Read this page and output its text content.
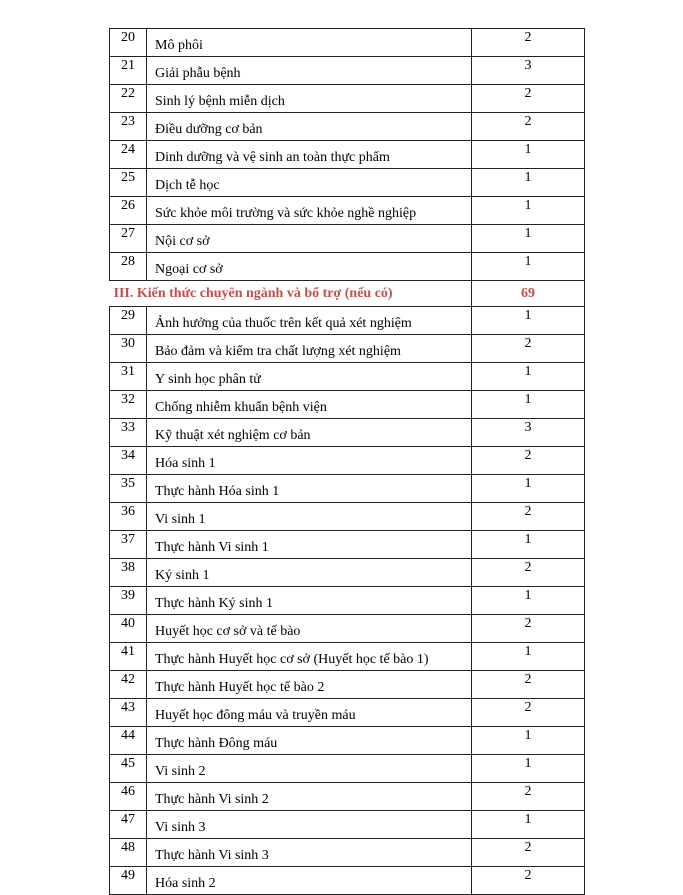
20	Mô phôi	2
21	Giải phẫu bệnh	3
22	Sinh lý bệnh miễn dịch	2
23	Điều dưỡng cơ bản	2
24	Dinh dưỡng và vệ sinh an toàn thực phẩm	1
25	Dịch tễ học	1
26	Sức khỏe môi trường và sức khỏe nghề nghiệp	1
27	Nội cơ sở	1
28	Ngoại cơ sở	1
III. Kiến thức chuyên ngành và bổ trợ (nếu có)		69
29	Ảnh hưởng của thuốc trên kết quả xét nghiệm	1
30	Bảo đảm và kiểm tra chất lượng xét nghiệm	2
31	Y sinh học phân tử	1
32	Chống nhiễm khuẩn bệnh viện	1
33	Kỹ thuật xét nghiệm cơ bản	3
34	Hóa sinh 1	2
35	Thực hành Hóa sinh 1	1
36	Vi sinh 1	2
37	Thực hành Vi sinh 1	1
38	Ký sinh 1	2
39	Thực hành Ký sinh 1	1
40	Huyết học cơ sở và tế bào	2
41	Thực hành Huyết học cơ sở (Huyết học tế bào 1)	1
42	Thực hành Huyết học tế bào 2	2
43	Huyết học đông máu và truyền máu	2
44	Thực hành Đông máu	1
45	Vi sinh 2	1
46	Thực hành Vi sinh 2	2
47	Vi sinh 3	1
48	Thực hành Vi sinh 3	2
49	Hóa sinh 2	2
